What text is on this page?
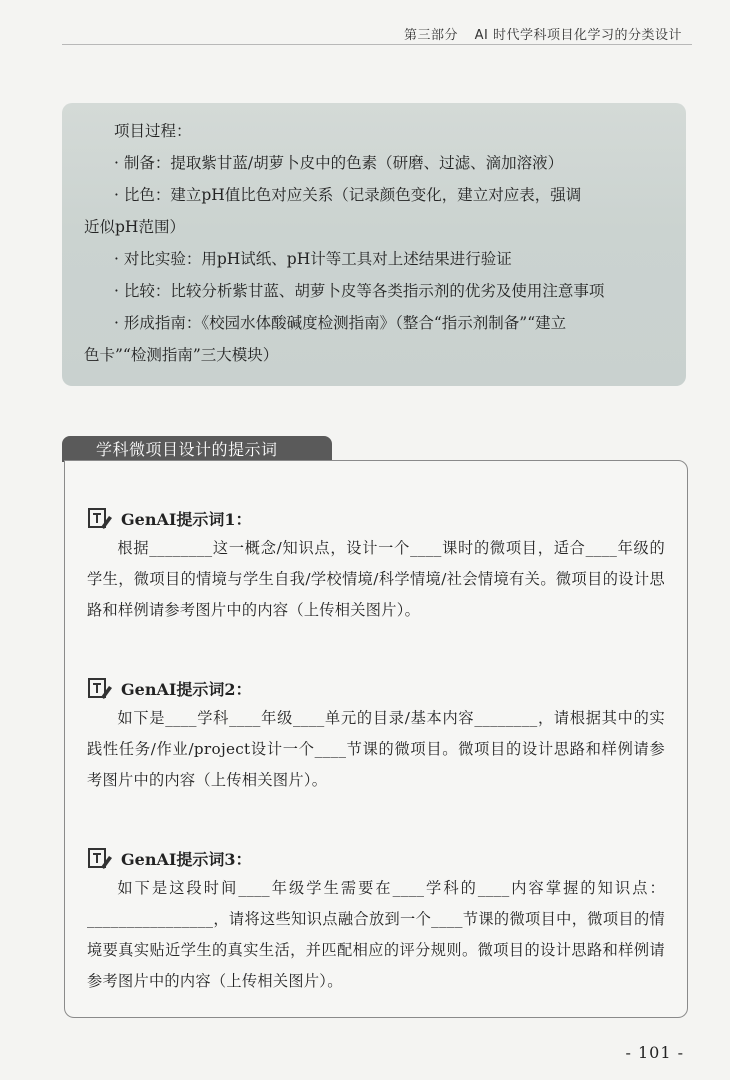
第三部分 AI 时代学科项目化学习的分类设计
项目过程：
· 制备：提取紫甘蓝/胡萝卜皮中的色素（研磨、过滤、滴加溶液）
· 比色：建立pH值比色对应关系（记录颜色变化，建立对应表，强调
近似pH范围）
· 对比实验：用pH试纸、pH计等工具对上述结果进行验证
· 比较：比较分析紫甘蓝、胡萝卜皮等各类指示剂的优劣及使用注意事项
· 形成指南：《校园水体酸碱度检测指南》（整合“指示剂制备”“建立
色卡”“检测指南”三大模块）
学科微项目设计的提示词
GenAI提示词1：
根据________这一概念/知识点，设计一个____课时的微项目，适合____年级的学生，微项目的情境与学生自我/学校情境/科学情境/社会情境有关。微项目的设计思路和样例请参考图片中的内容（上传相关图片）。
GenAI提示词2：
如下是____学科____年级____单元的目录/基本内容________，请根据其中的实践性任务/作业/project设计一个____节课的微项目。微项目的设计思路和样例请参考图片中的内容（上传相关图片）。
GenAI提示词3：
如下是这段时间____年级学生需要在____学科的____内容掌握的知识点：________________，请将这些知识点融合放到一个____节课的微项目中，微项目的情境要真实贴近学生的真实生活，并匹配相应的评分规则。微项目的设计思路和样例请参考图片中的内容（上传相关图片）。
- 101 -
